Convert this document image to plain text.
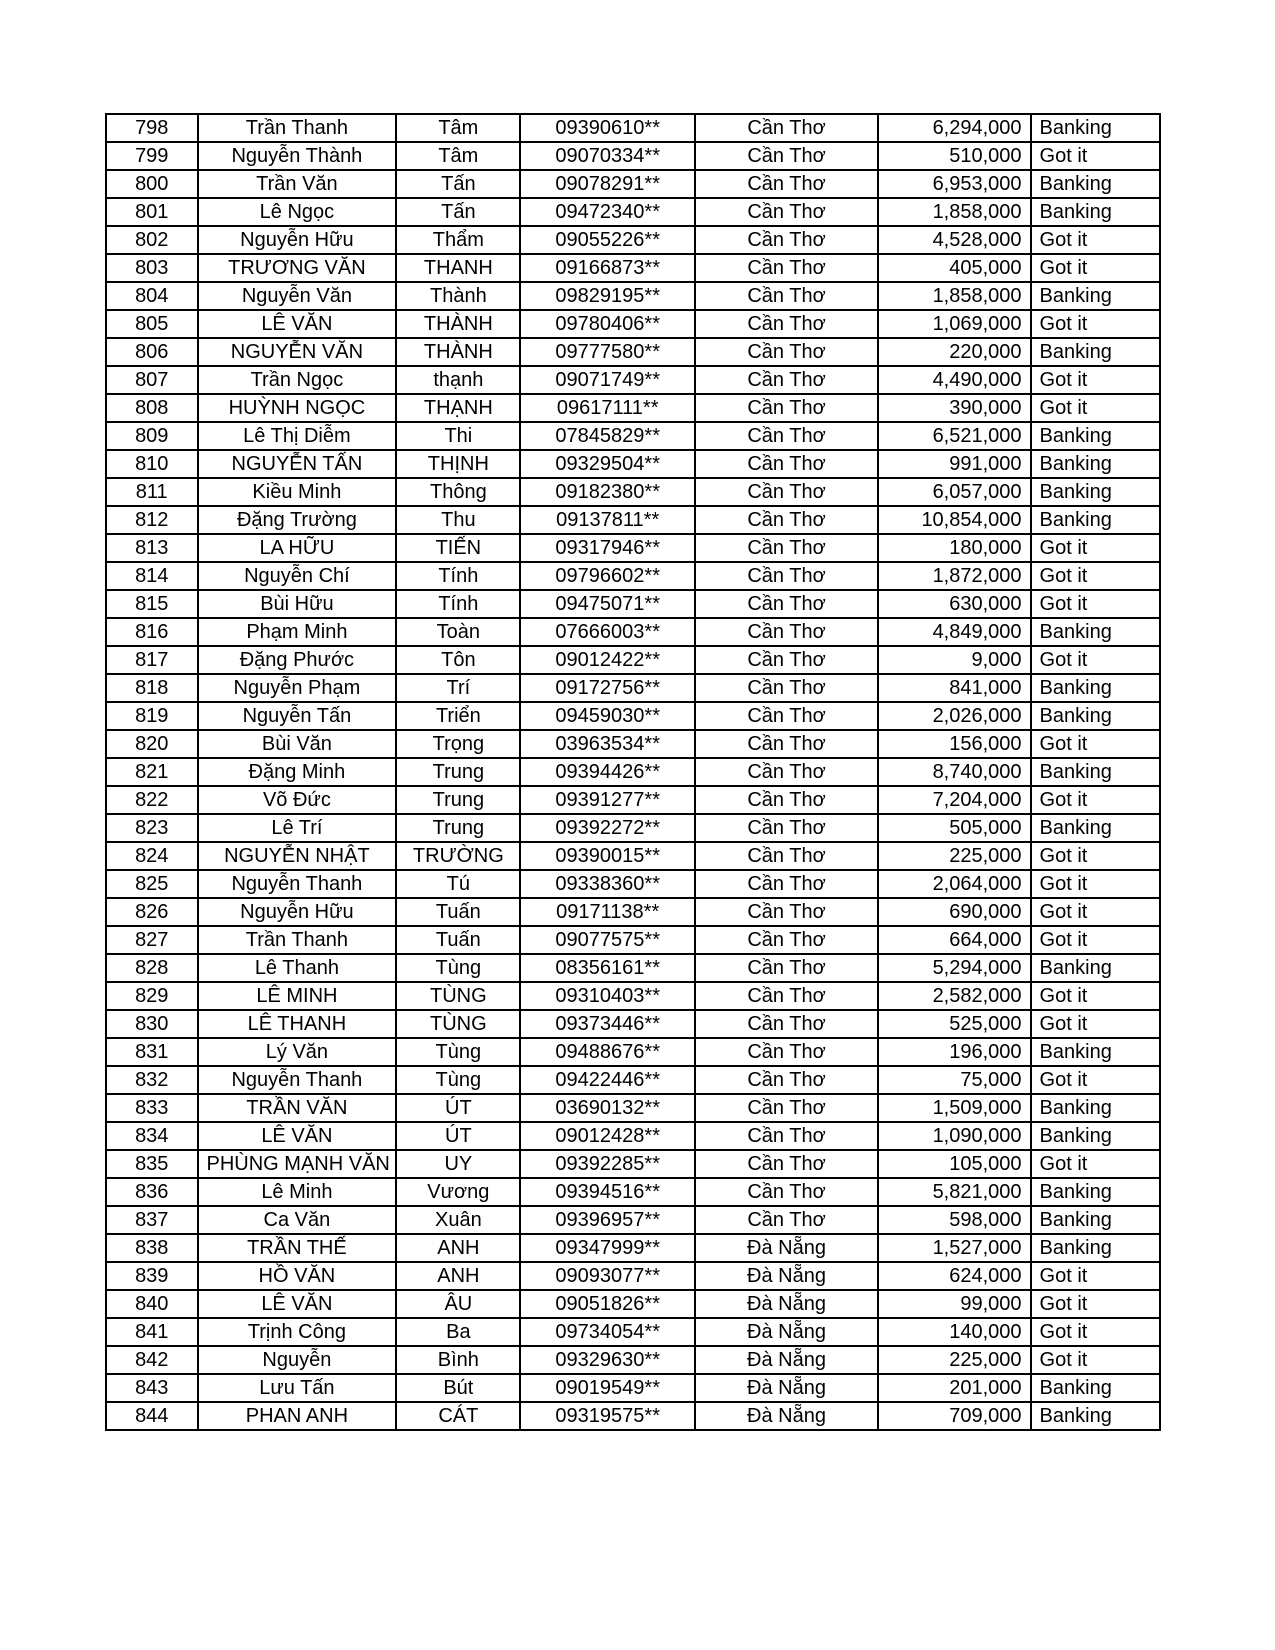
798	Trần Thanh	Tâm	09390610**	Cần Thơ	6,294,000	Banking
799	Nguyễn Thành	Tâm	09070334**	Cần Thơ	510,000	Got it
800	Trần Văn	Tấn	09078291**	Cần Thơ	6,953,000	Banking
801	Lê Ngọc	Tấn	09472340**	Cần Thơ	1,858,000	Banking
802	Nguyễn Hữu	Thẩm	09055226**	Cần Thơ	4,528,000	Got it
803	TRƯƠNG VĂN	THANH	09166873**	Cần Thơ	405,000	Got it
804	Nguyễn Văn	Thành	09829195**	Cần Thơ	1,858,000	Banking
805	LÊ VĂN	THÀNH	09780406**	Cần Thơ	1,069,000	Got it
806	NGUYỄN VĂN	THÀNH	09777580**	Cần Thơ	220,000	Banking
807	Trần Ngọc	thạnh	09071749**	Cần Thơ	4,490,000	Got it
808	HUỲNH NGỌC	THẠNH	09617111**	Cần Thơ	390,000	Got it
809	Lê Thị Diễm	Thi	07845829**	Cần Thơ	6,521,000	Banking
810	NGUYỄN TẤN	THỊNH	09329504**	Cần Thơ	991,000	Banking
811	Kiều Minh	Thông	09182380**	Cần Thơ	6,057,000	Banking
812	Đặng Trường	Thu	09137811**	Cần Thơ	10,854,000	Banking
813	LA HỮU	TIẾN	09317946**	Cần Thơ	180,000	Got it
814	Nguyễn Chí	Tính	09796602**	Cần Thơ	1,872,000	Got it
815	Bùi Hữu	Tính	09475071**	Cần Thơ	630,000	Got it
816	Phạm Minh	Toàn	07666003**	Cần Thơ	4,849,000	Banking
817	Đặng Phước	Tôn	09012422**	Cần Thơ	9,000	Got it
818	Nguyễn Phạm	Trí	09172756**	Cần Thơ	841,000	Banking
819	Nguyễn Tấn	Triển	09459030**	Cần Thơ	2,026,000	Banking
820	Bùi Văn	Trọng	03963534**	Cần Thơ	156,000	Got it
821	Đặng Minh	Trung	09394426**	Cần Thơ	8,740,000	Banking
822	Võ Đức	Trung	09391277**	Cần Thơ	7,204,000	Got it
823	Lê Trí	Trung	09392272**	Cần Thơ	505,000	Banking
824	NGUYỄN NHẬT	TRƯỜNG	09390015**	Cần Thơ	225,000	Got it
825	Nguyễn Thanh	Tú	09338360**	Cần Thơ	2,064,000	Got it
826	Nguyễn Hữu	Tuấn	09171138**	Cần Thơ	690,000	Got it
827	Trần Thanh	Tuấn	09077575**	Cần Thơ	664,000	Got it
828	Lê Thanh	Tùng	08356161**	Cần Thơ	5,294,000	Banking
829	LÊ MINH	TÙNG	09310403**	Cần Thơ	2,582,000	Got it
830	LÊ THANH	TÙNG	09373446**	Cần Thơ	525,000	Got it
831	Lý Văn	Tùng	09488676**	Cần Thơ	196,000	Banking
832	Nguyễn Thanh	Tùng	09422446**	Cần Thơ	75,000	Got it
833	TRẦN VĂN	ÚT	03690132**	Cần Thơ	1,509,000	Banking
834	LÊ VĂN	ÚT	09012428**	Cần Thơ	1,090,000	Banking
835	PHÙNG MẠNH VĂN	UY	09392285**	Cần Thơ	105,000	Got it
836	Lê Minh	Vương	09394516**	Cần Thơ	5,821,000	Banking
837	Ca Văn	Xuân	09396957**	Cần Thơ	598,000	Banking
838	TRẦN THẾ	ANH	09347999**	Đà Nẵng	1,527,000	Banking
839	HỒ VĂN	ANH	09093077**	Đà Nẵng	624,000	Got it
840	LÊ VĂN	ÂU	09051826**	Đà Nẵng	99,000	Got it
841	Trịnh Công	Ba	09734054**	Đà Nẵng	140,000	Got it
842	Nguyễn	Bình	09329630**	Đà Nẵng	225,000	Got it
843	Lưu Tấn	Bút	09019549**	Đà Nẵng	201,000	Banking
844	PHAN ANH	CÁT	09319575**	Đà Nẵng	709,000	Banking
